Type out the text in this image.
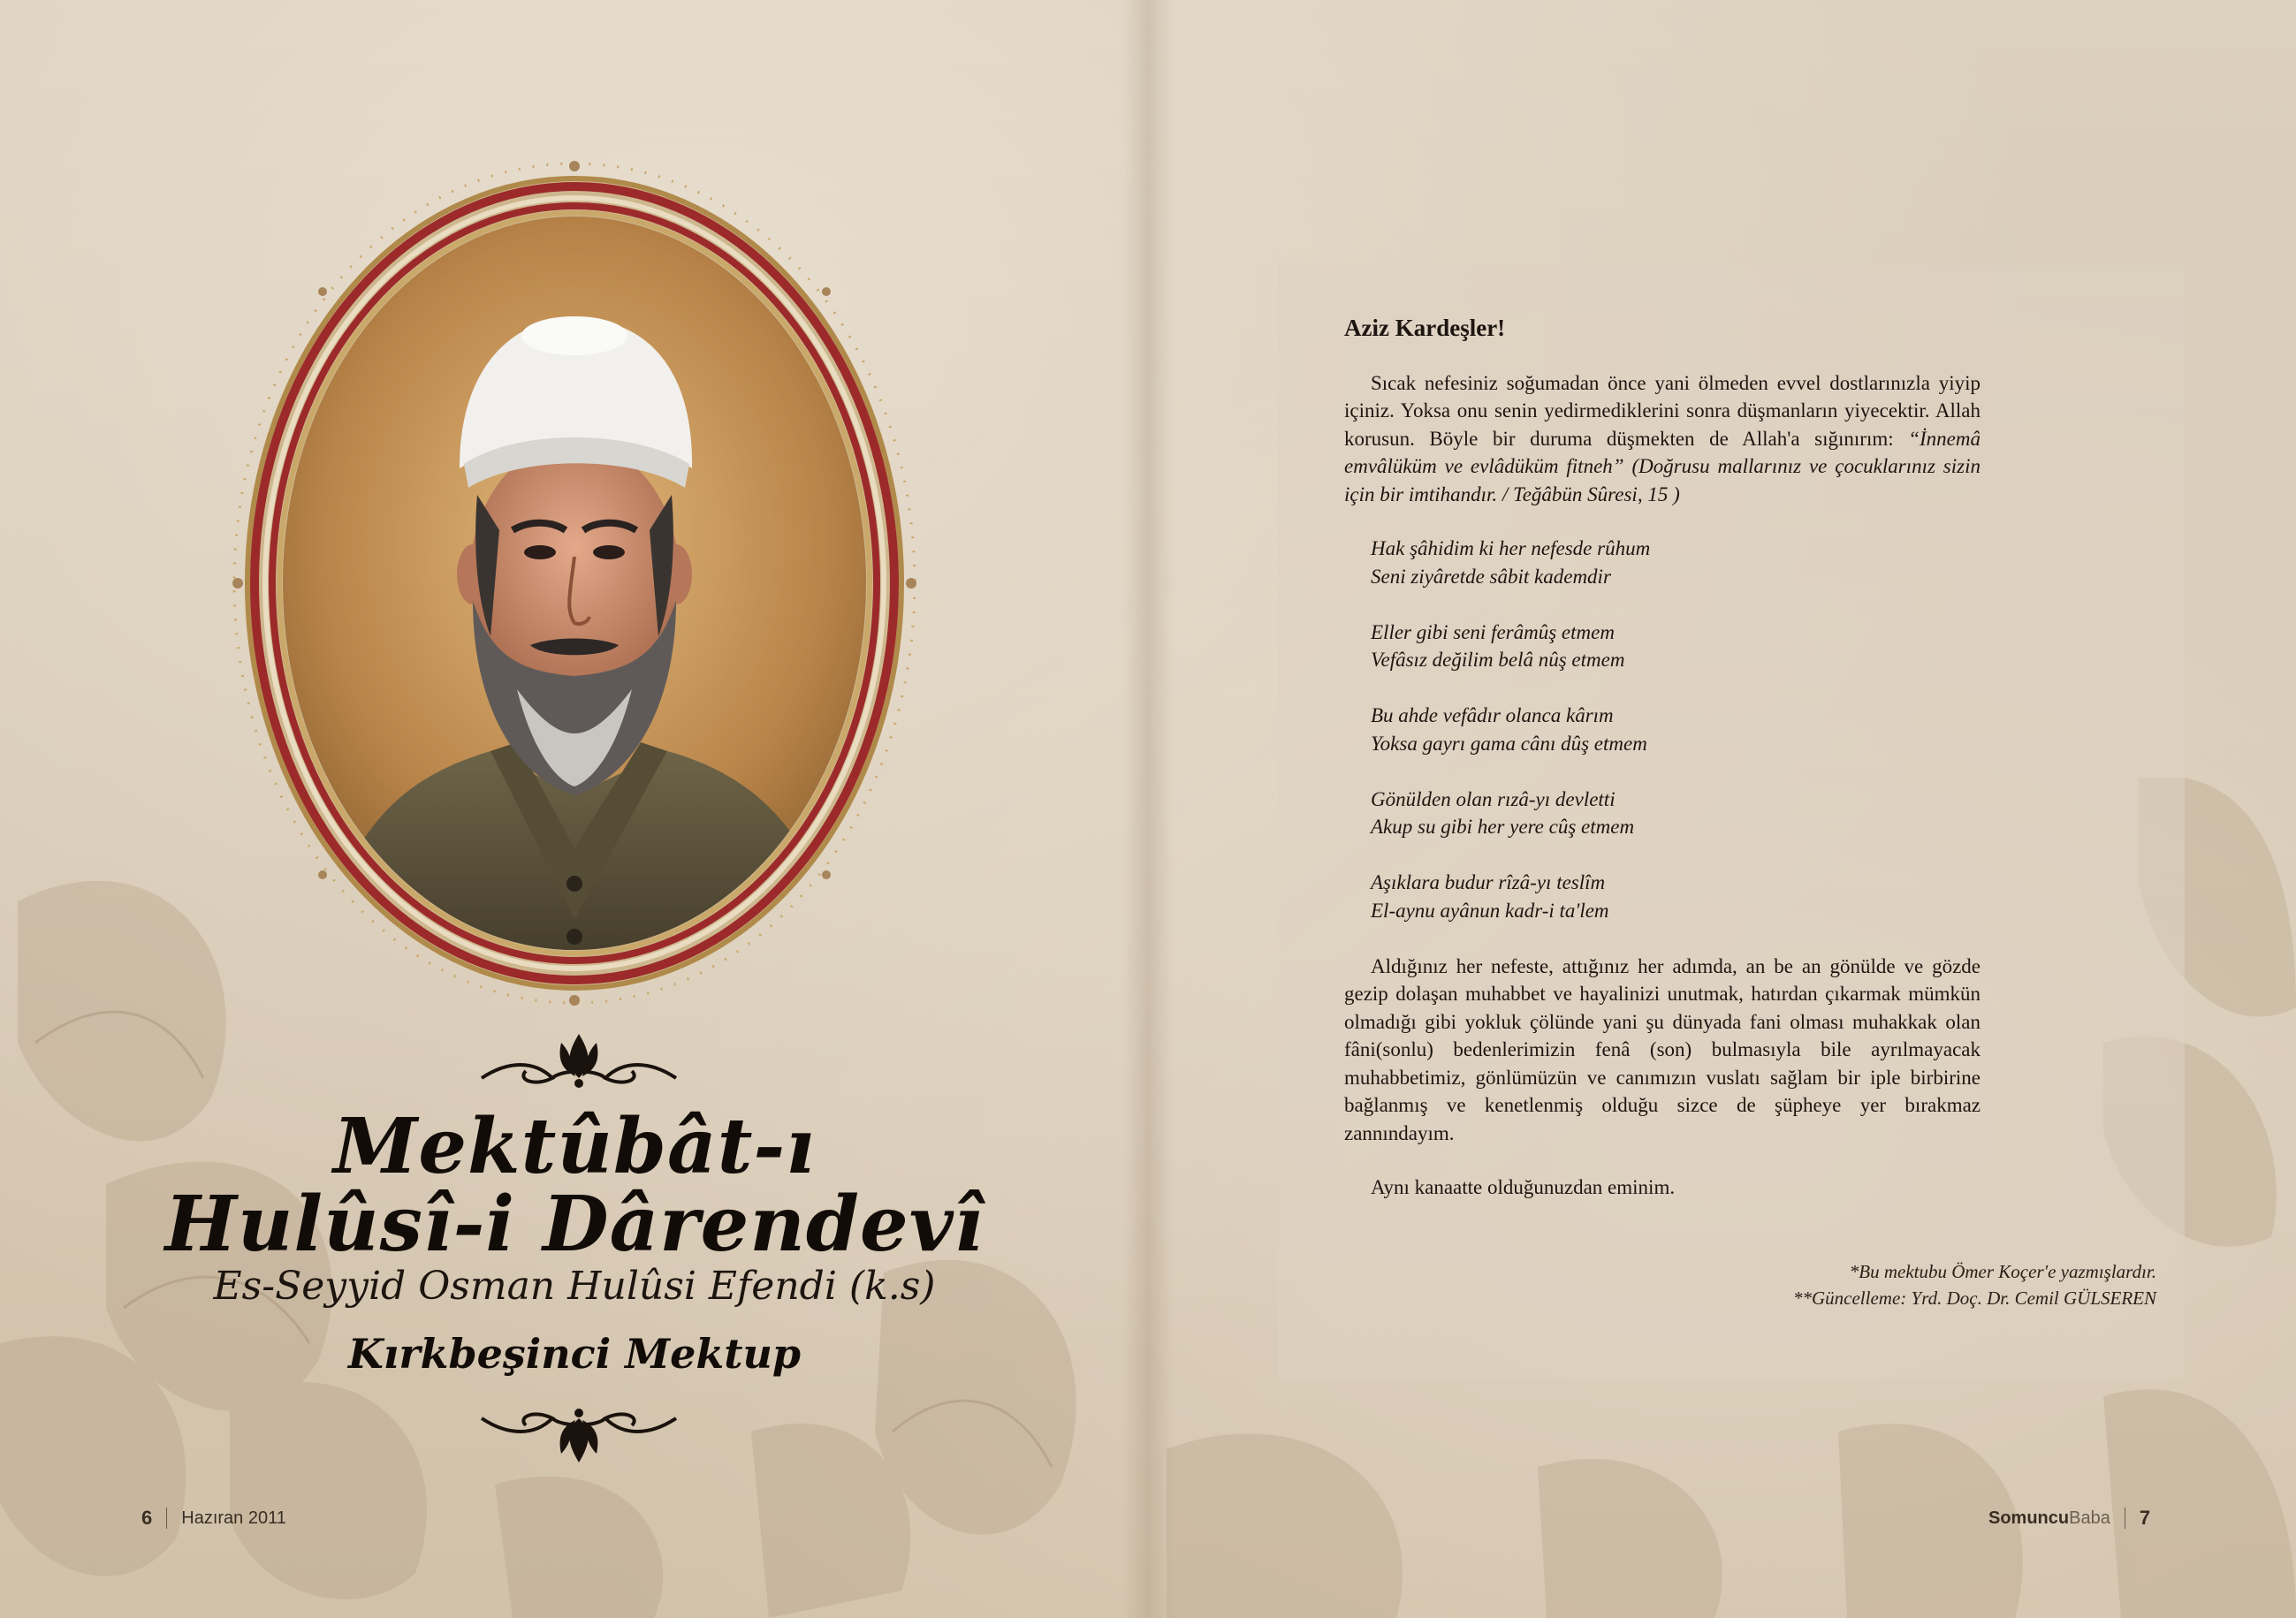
Mektûbât-ı
Hulûsî-i Dârendevî
Es-Seyyid Osman Hulûsi Efendi (k.s)
Kırkbeşinci Mektup
6 Hazıran 2011
Aziz Kardeşler!

Sıcak nefesiniz soğumadan önce yani ölmeden evvel dostlarınızla yiyip içiniz. Yoksa onu senin yedirmediklerini sonra düşmanların yiyecektir. Allah korusun. Böyle bir duruma düşmekten de Allah'a sığınırım: “İnnemâ emvâlüküm ve evlâdüküm fitneh” (Doğrusu mallarınız ve çocuklarınız sizin için bir imtihandır. / Teğâbün Sûresi, 15 )

Hak şâhidim ki her nefesde rûhum
Seni ziyâretde sâbit kademdir
Eller gibi seni ferâmûş etmem
Vefâsız değilim belâ nûş etmem
Bu ahde vefâdır olanca kârım
Yoksa gayrı gama cânı dûş etmem
Gönülden olan rızâ-yı devletti
Akup su gibi her yere cûş etmem
Aşıklara budur rîzâ-yı teslîm
El-aynu ayânun kadr-i ta'lem

Aldığınız her nefeste, attığınız her adımda, an be an gönülde ve gözde gezip dolaşan muhabbet ve hayalinizi unutmak, hatırdan çıkarmak mümkün olmadığı gibi yokluk çölünde yani şu dünyada fani olması muhakkak olan fâni(sonlu) bedenlerimizin fenâ (son) bulmasıyla bile ayrılmayacak muhabbetimiz, gönlümüzün ve canımızın vuslatı sağlam bir iple birbirine bağlanmış ve kenetlenmiş olduğu sizce de şüpheye yer bırakmaz zannındayım.

Aynı kanaatte olduğunuzdan eminim.

*Bu mektubu Ömer Koçer'e yazmışlardır.
**Güncelleme: Yrd. Doç. Dr. Cemil GÜLSEREN
SomuncuBaba 7
